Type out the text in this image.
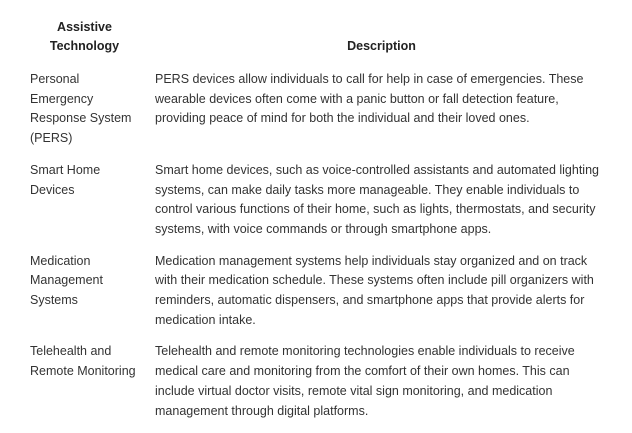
Assistive Technology	Description
Personal Emergency Response System (PERS)	PERS devices allow individuals to call for help in case of emergencies. These wearable devices often come with a panic button or fall detection feature, providing peace of mind for both the individual and their loved ones.
Smart Home Devices	Smart home devices, such as voice-controlled assistants and automated lighting systems, can make daily tasks more manageable. They enable individuals to control various functions of their home, such as lights, thermostats, and security systems, with voice commands or through smartphone apps.
Medication Management Systems	Medication management systems help individuals stay organized and on track with their medication schedule. These systems often include pill organizers with reminders, automatic dispensers, and smartphone apps that provide alerts for medication intake.
Telehealth and Remote Monitoring	Telehealth and remote monitoring technologies enable individuals to receive medical care and monitoring from the comfort of their own homes. This can include virtual doctor visits, remote vital sign monitoring, and medication management through digital platforms.
